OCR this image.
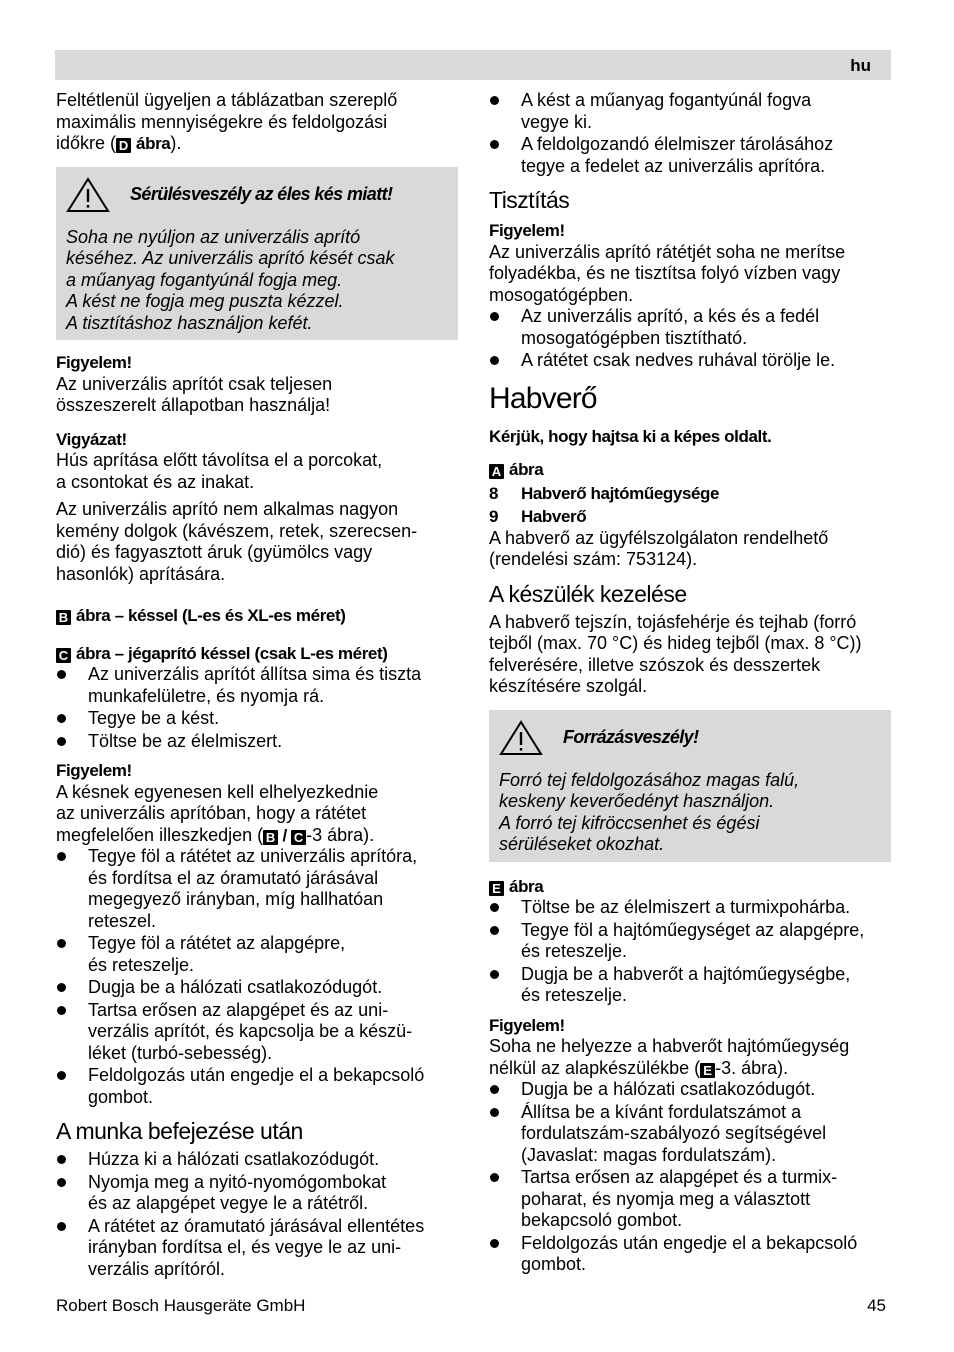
hu

Feltétlenül ügyeljen a táblázatban szereplő
maximális mennyiségekre és feldolgozási
időkre ( D ábra).

Sérülésveszély az éles kés miatt!

Soha ne nyúljon az univerzális aprító
késéhez. Az univerzális aprító kését csak
a műanyag fogantyúnál fogja meg.
A kést ne fogja meg puszta kézzel.
A tisztításhoz használjon kefét.

Figyelem!

Az univerzális aprítót csak teljesen
összeszerelt állapotban használja!

Vigyázat!

Hús aprítása előtt távolítsa el a porcokat,
a csontokat és az inakat.

Az univerzális aprító nem alkalmas nagyon
kemény dolgok (kávészem, retek, szerecsen-
dió) és fagyasztott áruk (gyümölcs vagy
hasonlók) aprítására.

B ábra – késsel (L-es és XL-es méret)

C ábra – jégaprító késsel (csak L-es méret)

Az univerzális aprítót állítsa sima és tiszta
munkafelületre, és nyomja rá.
Tegye be a kést.
Töltse be az élelmiszert.

Figyelem!

A késnek egyenesen kell elhelyezkednie
az univerzális aprítóban, hogy a rátétet
megfelelően illeszkedjen ( B / C -3 ábra).

Tegye föl a rátétet az univerzális aprítóra,
és fordítsa el az óramutató járásával
megegyező irányban, míg hallhatóan
reteszel.
Tegye föl a rátétet az alapgépre,
és reteszelje.
Dugja be a hálózati csatlakozódugót.
Tartsa erősen az alapgépet és az uni-
verzális aprítót, és kapcsolja be a készü-
léket (turbó-sebesség).
Feldolgozás után engedje el a bekapcsoló
gombot.
A munka befejezése után
Húzza ki a hálózati csatlakozódugót.
Nyomja meg a nyitó-nyomógombokat
és az alapgépet vegye le a rátétről.
A rátétet az óramutató járásával ellentétes
irányban fordítsa el, és vegye le az uni-
verzális aprítóról.
A kést a műanyag fogantyúnál fogva
vegye ki.
A feldolgozandó élelmiszer tárolásához
tegye a fedelet az univerzális aprítóra.
Tisztítás

Figyelem!

Az univerzális aprító rátétjét soha ne merítse
folyadékba, és ne tisztítsa folyó vízben vagy
mosogatógépben.

Az univerzális aprító, a kés és a fedél
mosogatógépben tisztítható.
A rátétet csak nedves ruhával törölje le.
Habverő

Kérjük, hogy hajtsa ki a képes oldalt.

A ábra

8	Habverő hajtóműegysége
9	Habverő

A habverő az ügyfélszolgálaton rendelhető
(rendelési szám: 753124).

A készülék kezelése

A habverő tejszín, tojásfehérje és tejhab (forró
tejből (max. 70 °C) és hideg tejből (max. 8 °C))
felverésére, illetve szószok és desszertek
készítésére szolgál.

Forrázásveszély!

Forró tej feldolgozásához magas falú,
keskeny keverőedényt használjon.
A forró tej kifröccsenhet és égési
sérüléseket okozhat.

E ábra

Töltse be az élelmiszert a turmixpohárba.
Tegye föl a hajtóműegységet az alapgépre,
és reteszelje.
Dugja be a habverőt a hajtóműegységbe,
és reteszelje.

Figyelem!

Soha ne helyezze a habverőt hajtóműegység
nélkül az alapkészülékbe ( E -3. ábra).

Dugja be a hálózati csatlakozódugót.
Állítsa be a kívánt fordulatszámot a
fordulatszám-szabályozó segítségével
(Javaslat: magas fordulatszám).
Tartsa erősen az alapgépet és a turmix-
poharat, és nyomja meg a választott
bekapcsoló gombot.
Feldolgozás után engedje el a bekapcsoló
gombot.
Robert Bosch Hausgeräte GmbH	45
